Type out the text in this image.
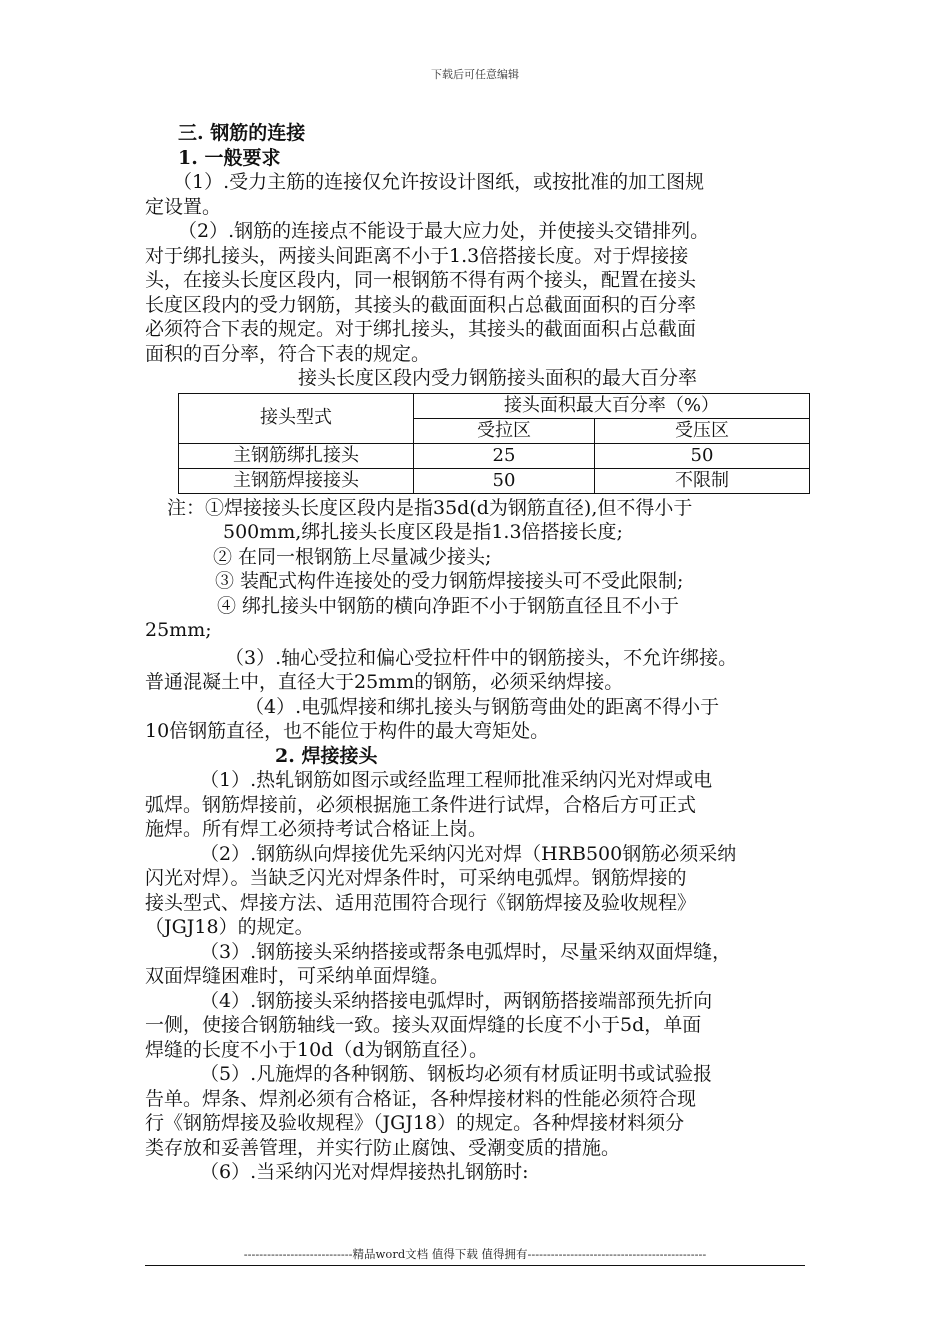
下载后可任意编辑
三. 钢筋的连接
1. 一般要求
（1）.受力主筋的连接仅允许按设计图纸，或按批准的加工图规
定设置。
（2）.钢筋的连接点不能设于最大应力处，并使接头交错排列。
对于绑扎接头，两接头间距离不小于1.3倍搭接长度。对于焊接接
头，在接头长度区段内，同一根钢筋不得有两个接头，配置在接头
长度区段内的受力钢筋，其接头的截面面积占总截面面积的百分率
必须符合下表的规定。对于绑扎接头，其接头的截面面积占总截面
面积的百分率，符合下表的规定。
接头长度区段内受力钢筋接头面积的最大百分率
接头型式	接头面积最大百分率（%）	
	受拉区	受压区
主钢筋绑扎接头	25	50
主钢筋焊接接头	50	不限制
注：①焊接接头长度区段内是指35d(d为钢筋直径),但不得小于
500mm,绑扎接头长度区段是指1.3倍搭接长度;
② 在同一根钢筋上尽量减少接头;
③ 装配式构件连接处的受力钢筋焊接接头可不受此限制;
④ 绑扎接头中钢筋的横向净距不小于钢筋直径且不小于
25mm;
（3）.轴心受拉和偏心受拉杆件中的钢筋接头，不允许绑接。
普通混凝土中，直径大于25mm的钢筋，必须采纳焊接。
（4）.电弧焊接和绑扎接头与钢筋弯曲处的距离不得小于
10倍钢筋直径，也不能位于构件的最大弯矩处。
2. 焊接接头
（1）.热轧钢筋如图示或经监理工程师批准采纳闪光对焊或电
弧焊。钢筋焊接前，必须根据施工条件进行试焊，合格后方可正式
施焊。所有焊工必须持考试合格证上岗。
（2）.钢筋纵向焊接优先采纳闪光对焊（HRB500钢筋必须采纳
闪光对焊）。当缺乏闪光对焊条件时，可采纳电弧焊。钢筋焊接的
接头型式、焊接方法、适用范围符合现行《钢筋焊接及验收规程》
（JGJ18）的规定。
（3）.钢筋接头采纳搭接或帮条电弧焊时，尽量采纳双面焊缝，
双面焊缝困难时，可采纳单面焊缝。
（4）.钢筋接头采纳搭接电弧焊时，两钢筋搭接端部预先折向
一侧，使接合钢筋轴线一致。接头双面焊缝的长度不小于5d，单面
焊缝的长度不小于10d（d为钢筋直径）。
（5）.凡施焊的各种钢筋、钢板均必须有材质证明书或试验报
告单。焊条、焊剂必须有合格证，各种焊接材料的性能必须符合现
行《钢筋焊接及验收规程》（JGJ18）的规定。各种焊接材料须分
类存放和妥善管理，并实行防止腐蚀、受潮变质的措施。
（6）.当采纳闪光对焊焊接热扎钢筋时:
----------------------------精品word文档 值得下载 值得拥有----------------------------------------------
